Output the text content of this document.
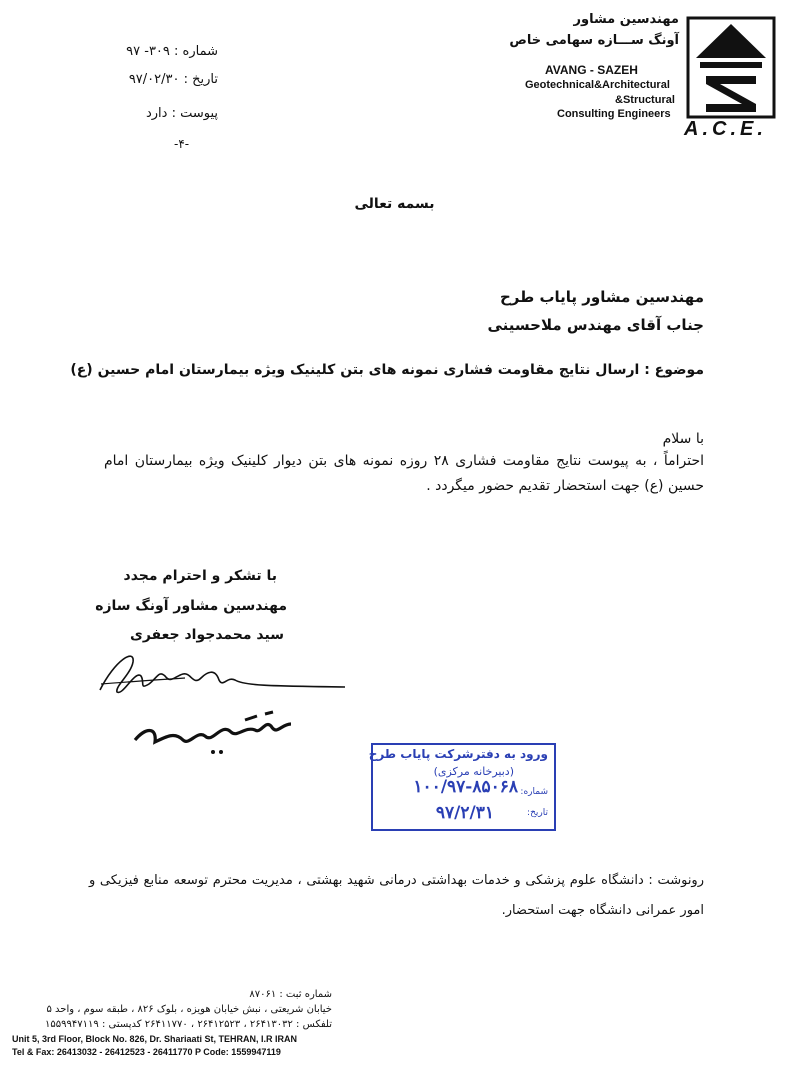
A.C.E.
مهندسین مشاور
آونگ ســـازه سهامی خاص
AVANG - SAZEH
Geotechnical&Architectural
&Structural
Consulting Engineers
شماره : ۳۰۹- ۹۷
تاریخ : ۹۷/۰۲/۳۰
پیوست : دارد
-۴-
بسمه تعالی
مهندسین مشاور پایاب طرح
جناب آقای مهندس ملاحسینی
موضوع : ارسال نتایج مقاومت فشاری نمونه های بتن کلینیک ویژه بیمارستان امام حسین (ع)
با سلام
احتراماً ، به پیوست نتایج مقاومت فشاری ۲۸ روزه نمونه های بتن دیوار کلینیک ویژه بیمارستان امام حسین (ع) جهت استحضار تقدیم حضور میگردد .
با تشکر و احترام مجدد
مهندسین مشاور آونگ سازه
سید محمدجواد جعفری
ورود به دفترشرکت پایاب طرح
(دبیرخانه مرکزی)
شماره:
۱۰۰/۹۷-۸۵۰۶۸
تاریخ:
۹۷/۲/۳۱
رونوشت : دانشگاه علوم پزشکی و خدمات بهداشتی درمانی شهید بهشتی ، مدیریت محترم توسعه منابع فیزیکی و امور عمرانی دانشگاه جهت استحضار.
شماره ثبت : ۸۷۰۶۱
خیابان شریعتی ، نبش خیابان هویزه ، بلوک ۸۲۶ ، طبقه سوم ، واحد ۵
تلفکس : ۲۶۴۱۳۰۳۲ ، ۲۶۴۱۲۵۲۳ ، ۲۶۴۱۱۷۷۰ کدپستی : ۱۵۵۹۹۴۷۱۱۹
Unit 5, 3rd Floor, Block No. 826, Dr. Shariaati St, TEHRAN, I.R IRAN
Tel & Fax: 26413032 - 26412523 - 26411770 P Code: 1559947119
